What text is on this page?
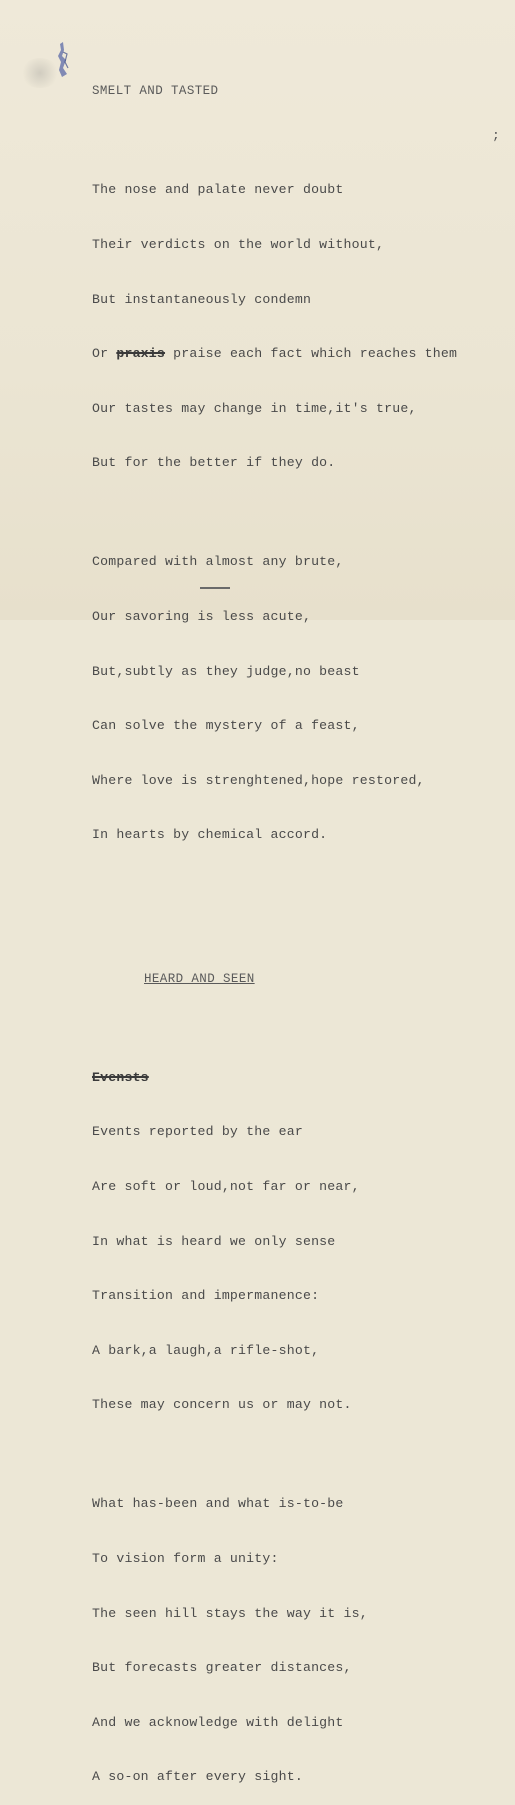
SMELT AND TASTED

The nose and palate never doubt

Their verdicts on the world without,

But instantaneously condemn

Or praxis praise each fact which reaches them

Our tastes may change in time,it's true,

But for the better if they do.

Compared with almost any brute,

Our savoring is less acute,

But,subtly as they judge,no beast

Can solve the mystery of a feast,

Where love is strenghtened,hope restored,

In hearts by chemical accord.

HEARD AND SEEN

Evensts

Events reported by the ear

Are soft or loud,not far or near,

In what is heard we only sense

Transition and impermanence:

A bark,a laugh,a rifle-shot,

These may concern us or may not.

What has-been and what is-to-be

To vision form a unity:

The seen hill stays the way it is,

But forecasts greater distances,

And we acknowledge with delight

A so-on after every sight.

;
